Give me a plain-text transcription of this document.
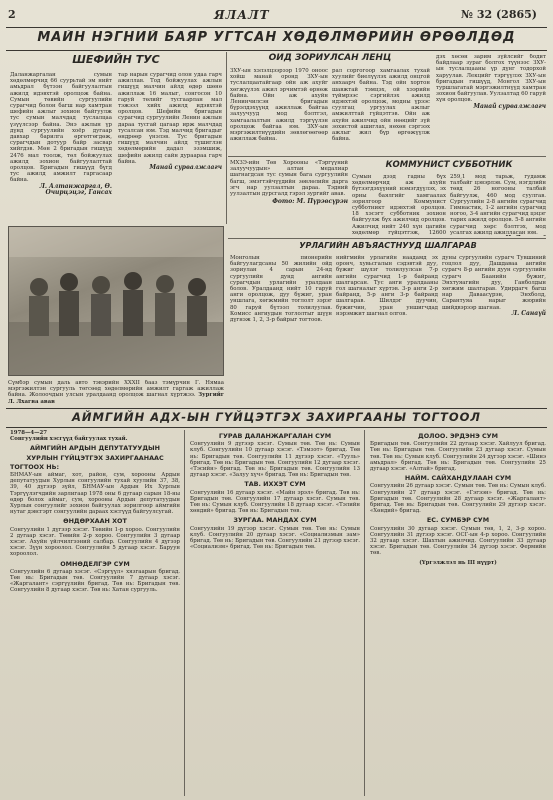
2	ЯЛАЛТ	№ 32 (2865)
МАЙН НЭГНИЙ БАЯР УГТСАН ХӨДӨЛМӨРИЙН ӨРӨӨЛДӨД
ШЕФИЙН ТУС

Даланжаргалан сумын хөдөлмөрчид 66 суурьтай эм нийт амьдрал бүтээн байгуулалтын ажилд идэвхтэй оролцож байна. Сумын төвийн сургуулийн сурагчид болон багш нар хамтран шефийн ажлыг зохион байгуулж тус сумын малчдад туслалцаа үзүүлсээр байна. Энэ ажлын үр дүнд сургуулийн хоёр дугаар давхар барилга өргөтгөгдөж, сурагчдын дотуур байр засвар хийгдэв. Мөн 2 бригадын гишүүд 2476 мал тоолж, төл бойжуулах ажилд зохион байгуулалттай оролцов. Бригадын гишүүд бүгд тус ажилд амжилт гаргасаар байна.

Л. Алтанжаргал, Ө. Очирцэцэг, Гансах

тар нарын сурагчид олон удаа гарч ажиллав. Тод бойжуулах ажлын гишүүд малчин айлд өдөр шөнө ажиллаж 16 малыг, сонгосон 10 гаруй төлийг тусгаарлан мал тэжээл хийх ажилд идэвхтэй оролцов. Шефийн бригадын сурагчид сургуулийн Ленин ажлын дараа тусгай цагаар ирж малчдад тусалсан юм. Тэд малчид бригадыг өндрөөр үнэлэв. Тус бригадын гишүүд малчин айлд түшиглэн хөдөлмөрийн дадал эзэмшиж, шефийн ажилд сайн дураараа гарч байна.

Манай сурвалжлагч

ОЙД ЗОРИУЛСАН ЛЕНЦ

ЗХУ-ын хэлэлцээрээр 1970 оноос хойш манай оронд ЗХУ-ын туслалцаатайгаар ойн аж ахуйг хөгжүүлэх ажил эрчимтэй өрнөж байна. Ойн аж ахуйн Ленинчилсэн бригадын бүрэлдэхүүнд ажиллаж байгаа залуучууд мод бэлтгэл, хамгаалалтын ажилд тэргүүлэн оролцож байгаа юм. ЗХУ-ын мэргэжилтнүүдийн зөвлөгөөгөөр ажиллаж байна.

рал соргогоор хамгаалах тухай хуулийг биелүүлэх ажилд онцгой анхаарч байна. Тэд ойн хортон шавжтай тэмцэх, ой хээрийн түймрээс сэргийлэх ажилд идэвхтэй оролцож, модны үрээс суулгац ургуулах ажлыг амжилттай гүйцэтгэв. Ойн аж ахуйн ажилчид ойн нөөцийг зүй зохистой ашиглах, нөхөн сэргээх ажлыг жил бүр өргөжүүлж байна.

дэх хөсөн зарим зүйлсийг бодит байдлаар зураг болгох түүнээс ЗХУ-ын туслалцааны үр дүнг тодорхой харуулав. Лекцийг тэргүүлэх ЗХУ-ын бригадын гишүүд, Монгол ЗХУ-ын туршлагатай мэргэжилтнүүд хамтран зохион байгуулав. Уулзалтад 60 гаруй хүн оролцов.

Манай сурвалжлагч

МХЗЭ-ийн Төв Хорооны «Тэргүүний залуучуудын» алтан медалиар шагнагдсан тус сумын бага сургуулийн багш, эмэгтэйчүүдийн зөвлөлийн дарга эгч нар уулзалтын дараа. Тэдний уулзалтын дурсгалд гэрэл зургийг авав.
Фото: М. Пүрэвсүрэн
КОММУНИСТ СУББОТНИК

Сумын дээд гадны бүх хөдөлмөрчид аж ахуйн бүтээгдэхүүний нэмэгдүүлэх, эх орны баялгийг хамгаалах зорилгоор Коммунист субботникт идэвхтэй оролцов. 18 хэсэгт субботник зохион байгуулж бүх ажилчид оролцов. Ажилчид нийт 240 хүн цагийн хөдөлмөр гүйцэтгэж, 12600

259,1 мод тарьж, гудамж талбайг цэвэрлэв. Сум, нэгдлийн төвд 26 ногооны талбай байгуулж, 460 мод суулгав. Сургуулийн 2-8 ангийн сурагчид Гимнастик, 1-2 ангийн сурагчид ногоо, 3-4 ангийн сурагчид цэцэг тарих ажилд оролцов. 5-8 ангийн сурагчид хөрс бэлтгэх, мод усалгах ажилд ажилласан юм.

УРЛАГИЙН АВЪЯАСТНУУД ШАЛГАРАВ

Монголын пионерийн байгуулагдсаны 50 жилийн ойд зориулан 4 сарын 24-нд сургуулийн дунд ангийн сурагчдын урлагийн уралдаан болов. Уралдаанд нийт 10 гаруй анги оролцож, дуу бүжиг, уран уншлага, хөгжмийн тоглолт зэрэг 80 гаруй бүтээл толилуулав. Комисс ангиудын тоглолтыг шүүн дүгнэж 1, 2, 3-р байрыг тогтоов.

нийгмийн урлагийн наадамд эх оронч, хувьсгалын сэдэвтэй дуу, бүжиг шүлэг толилуулсан 7-р ангийн сурагчид 1-р байранд шалгарсан. Тус анги уралдааны гол шагналыг хүртэв. 3-р анги 2-р байранд, 5-р анги 3-р байранд шалгарав. Шилдэг дуучин, бүжигчин, уран уншигчдад нэрэмжит шагнал олгов.

дуны сургуулийн сурагч Тувшиний гоцлол дуу, Дашдаваа ангийн сурагч 8-р ангийн дуун сургуулийн сурагч Баанийн бүжиг, Энхтуяагийн дуу, Ганболдын хөгжим шалгарав. Удирдагч багш нар Даваасүрэн, Энхболд, Сарантуяа нарыг жюрийн шийдвэрээр шагнав.

Л. Санаүй

Сүмбэр сумын даль авто тэвэрийн XXXII бааз тэмүрчин Г. Нямаа мэргэжилтэн сургууль төгсөөд хөдөлмөрийн амжилт гаргаж ажиллаж байна. Жолоочдын улсын уралдаанд оролцож шагнал хүртжээ. Зургийг Л. Лхагва авав
АЙМГИЙН АДХ-ЫН ГҮЙЦЭТГЭХ ЗАХИРГААНЫ ТОГТООЛ

1978—4—27

Сонгуулийн хэсгүүд байгуулах тухай.

АЙМГИЙН АРДЫН ДЕПУТАТУУДЫН
ХУРЛЫН ГҮЙЦЭТГЭХ ЗАХИРГААНААС
ТОГТООХ НЬ:

БНМАУ-ын аймаг, хот, район, сум, хорооны Ардын депутатуудын Хурлын сонгуулийн тухай хуулийн 37, 38, 39, 40 дүгээр зүйл, БНМАУ-ын Ардын Их Хурлын Тэргүүлэгчдийн зарлигаар 1978 оны 6 дугаар сарын 18-ны өдөр болох аймаг, сум, хорооны Ардын депутатуудын Хурлын сонгуулийг зохион байгуулах зорилгоор аймгийн нутаг дэвсгэрт сонгуулийн дараах хэсгүүд байгуулсугай.

ӨНДӨРХААН ХОТ

Сонгуулийн 1 дүгээр хэсэг. Төвийн 1-р хороо. Сонгуулийн 2 дугаар хэсэг. Төвийн 2-р хороо. Сонгуулийн 3 дугаар хэсэг. Ахуйн үйлчилгээний салбар. Сонгуулийн 4 дүгээр хэсэг. Зүүн хороолол. Сонгуулийн 5 дугаар хэсэг. Баруун хороолол.

ОМНӨДЕЛГЭР СУМ

Сонгуулийн 6 дугаар хэсэг. «Сэргүүл» хязгаарын бригад. Төв нь: Бригадын төв. Сонгуулийн 7 дугаар хэсэг. «Жаргалант» сэргүүлийн бригад. Төв нь: Бригадын төв. Сонгуулийн 8 дугаар хэсэг. Төв нь: Хатан сургууль.

ГУРАВ ДАЛАНЖАРГАЛАН СУМ

Сонгуулийн 9 дүгээр хэсэг. Сумын төв. Төв нь: Сумын клуб. Сонгуулийн 10 дугаар хэсэг. «Тэмээт» бригад. Төв нь: Бригадын төв. Сонгуулийн 11 дүгээр хэсэг. «Тууль» бригад. Төв нь: Бригадын төв. Сонгуулийн 12 дугаар хэсэг. «Тэсийн» бригад. Төв нь: Бригадын төв. Сонгуулийн 13 дугаар хэсэг. «Залуу хүч» бригад. Төв нь: Бригадын төв.

ТАВ. ИХХЭТ СУМ

Сонгуулийн 16 дугаар хэсэг. «Майн эрэл» бригад. Төв нь: Бригадын төв. Сонгуулийн 17 дугаар хэсэг. Сумын төв. Төв нь: Сумын клуб. Сонгуулийн 18 дугаар хэсэг. «Тэлийн хөндий» бригад. Төв нь: Бригадын төв.

ЗУРГАА. МАНДАХ СУМ

Сонгуулийн 19 дүгээр хэсэг. Сумын төв. Төв нь: Сумын клуб. Сонгуулийн 20 дугаар хэсэг. «Социализмын зам» бригад. Төв нь: Бригадын төв. Сонгуулийн 21 дүгээр хэсэг. «Социализм» бригад. Төв нь: Бригадын төв.

ДОЛОО. ЭРДЭНЭ СУМ

Бригадын төв. Сонгуулийн 22 дугаар хэсэг. Хайлуул бригад. Төв нь: Бригадын төв. Сонгуулийн 23 дугаар хэсэг. Сумын төв. Төв нь: Сумын клуб. Сонгуулийн 24 дүгээр хэсэг. «Шинэ амьдрал» бригад. Төв нь: Бригадын төв. Сонгуулийн 25 дугаар хэсэг. «Алтай» бригад.

НАЙМ. САЙХАНДУЛААН СУМ

Сонгуулийн 26 дугаар хэсэг. Сумын төв. Төв нь: Сумын клуб. Сонгуулийн 27 дугаар хэсэг. «Гэгээн» бригад. Төв нь: Бригадын төв. Сонгуулийн 28 дугаар хэсэг. «Жаргалант» бригад. Төв нь: Бригадын төв. Сонгуулийн 29 дүгээр хэсэг. «Хөндий» бригад.

ЕС. СУМБЭР СУМ

Сонгуулийн 30 дугаар хэсэг. Сумын төв, 1, 2, 3-р хороо. Сонгуулийн 31 дүгээр хэсэг. ОСГ-ын 4-р хороо. Сонгуулийн 32 дугаар хэсэг. Шахтын ажилчид. Сонгуулийн 33 дугаар хэсэг. Бригадын төв. Сонгуулийн 34 дүгээр хэсэг. Фермийн төв.

(Үргэлжлэл нь III нүүрт)
